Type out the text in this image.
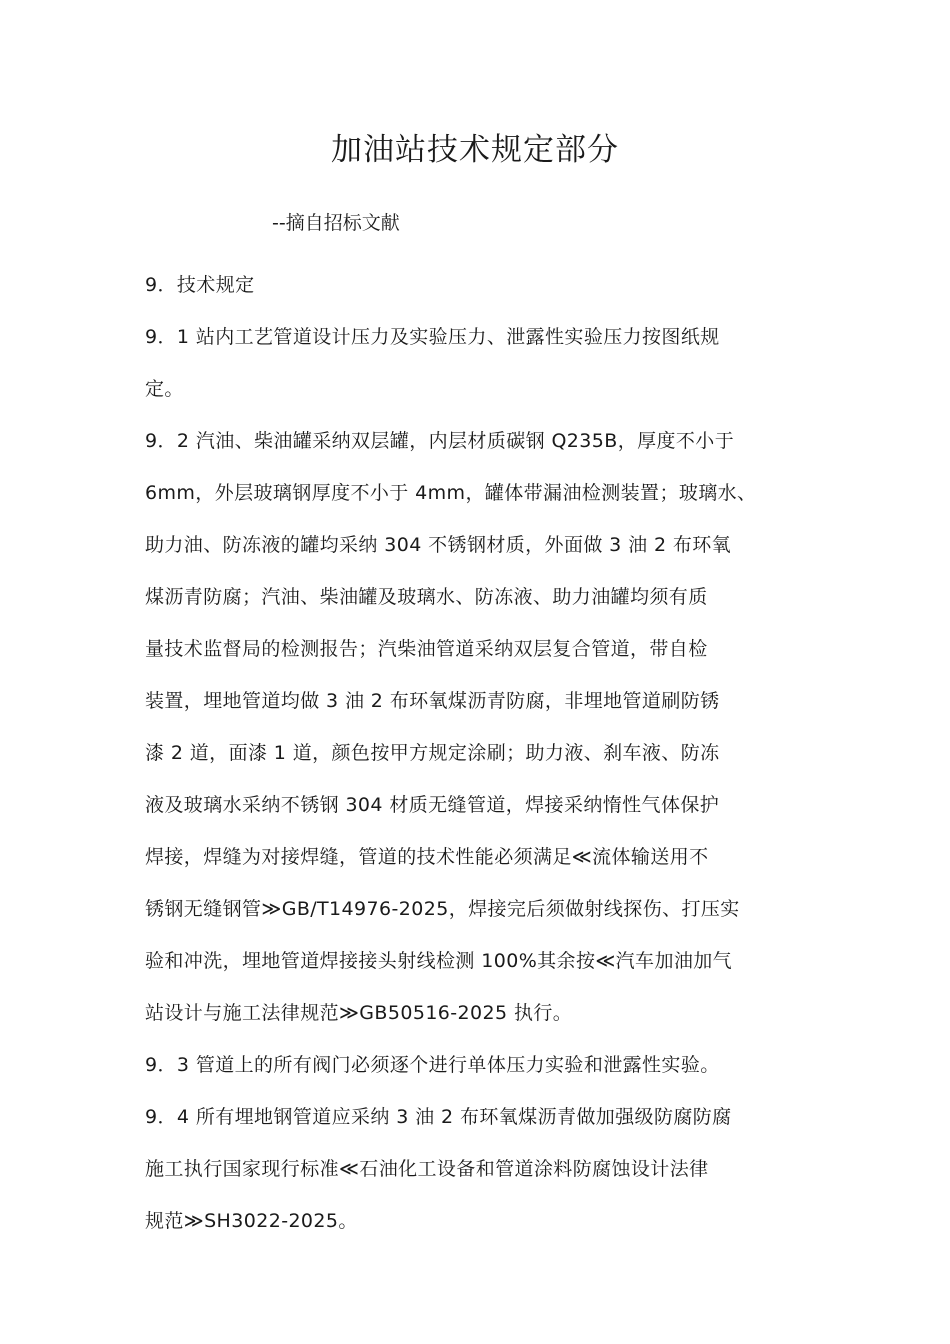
加油站技术规定部分

--摘自招标文献

9．技术规定

9．1 站内工艺管道设计压力及实验压力、泄露性实验压力按图纸规
定。

9．2 汽油、柴油罐采纳双层罐，内层材质碳钢 Q235B，厚度不小于
6mm，外层玻璃钢厚度不小于 4mm，罐体带漏油检测装置；玻璃水、
助力油、防冻液的罐均采纳 304 不锈钢材质，外面做 3 油 2 布环氧
煤沥青防腐；汽油、柴油罐及玻璃水、防冻液、助力油罐均须有质
量技术监督局的检测报告；汽柴油管道采纳双层复合管道，带自检
装置，埋地管道均做 3 油 2 布环氧煤沥青防腐，非埋地管道刷防锈
漆 2 道，面漆 1 道，颜色按甲方规定涂刷；助力液、刹车液、防冻
液及玻璃水采纳不锈钢 304 材质无缝管道，焊接采纳惰性气体保护
焊接，焊缝为对接焊缝，管道的技术性能必须满足≪流体输送用不
锈钢无缝钢管≫GB/T14976-2025，焊接完后须做射线探伤、打压实
验和冲洗，埋地管道焊接接头射线检测 100%其余按≪汽车加油加气
站设计与施工法律规范≫GB50516-2025 执行。

9．3 管道上的所有阀门必须逐个进行单体压力实验和泄露性实验。

9．4 所有埋地钢管道应采纳 3 油 2 布环氧煤沥青做加强级防腐防腐
施工执行国家现行标准≪石油化工设备和管道涂料防腐蚀设计法律
规范≫SH3022-2025。
